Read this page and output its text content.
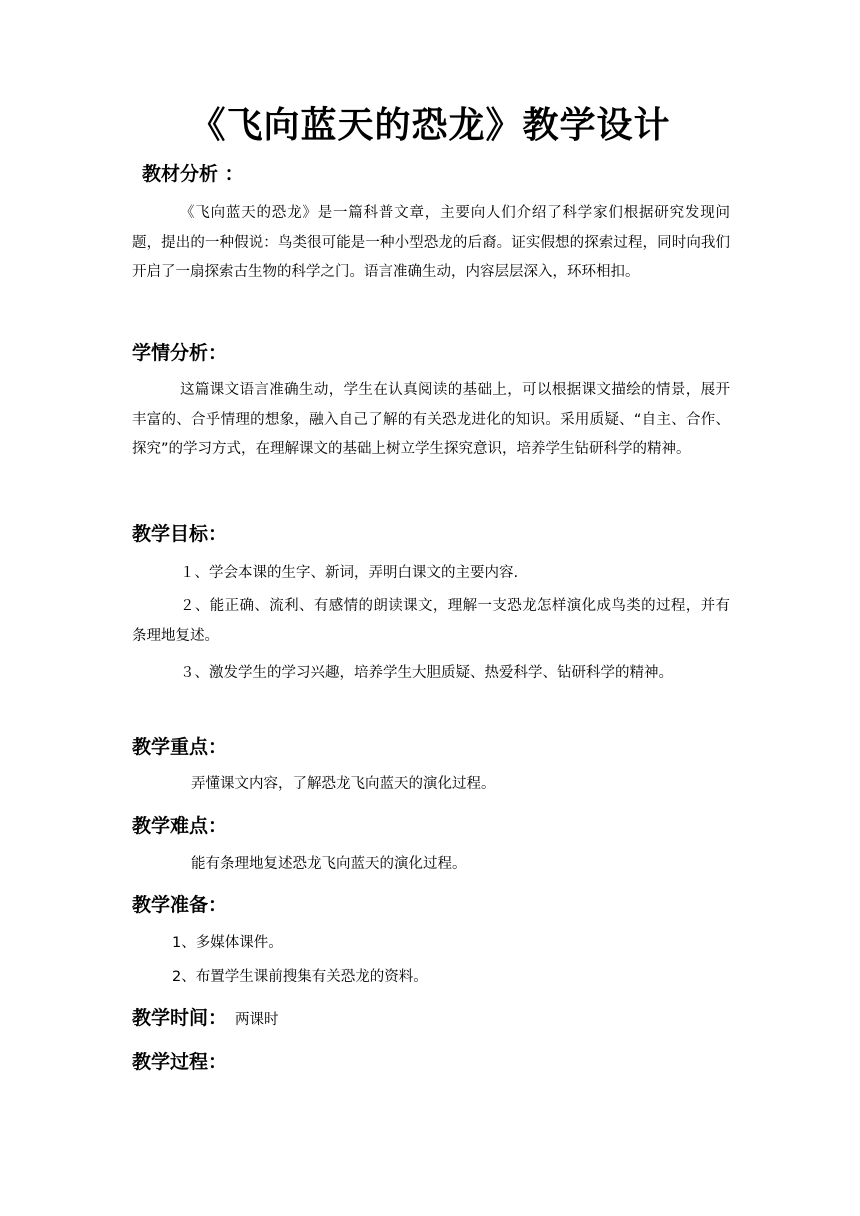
《飞向蓝天的恐龙》教学设计
教材分析 ：
《飞向蓝天的恐龙》是一篇科普文章，主要向人们介绍了科学家们根据研究发现问题，提出的一种假说：鸟类很可能是一种小型恐龙的后裔。证实假想的探索过程，同时向我们开启了一扇探索古生物的科学之门。语言准确生动，内容层层深入，环环相扣。
学情分析：
这篇课文语言准确生动，学生在认真阅读的基础上，可以根据课文描绘的情景，展开丰富的、合乎情理的想象，融入自己了解的有关恐龙进化的知识。采用质疑、“自主、合作、探究”的学习方式，在理解课文的基础上树立学生探究意识，培养学生钻研科学的精神。
教学目标：
１、学会本课的生字、新词，弄明白课文的主要内容.
２、能正确、流利、有感情的朗读课文，理解一支恐龙怎样演化成鸟类的过程，并有条理地复述。
３、激发学生的学习兴趣，培养学生大胆质疑、热爱科学、钻研科学的精神。
教学重点：
弄懂课文内容，了解恐龙飞向蓝天的演化过程。
教学难点：
能有条理地复述恐龙飞向蓝天的演化过程。
教学准备：
1、多媒体课件。
2、布置学生课前搜集有关恐龙的资料。
教学时间： 两课时
教学过程：
